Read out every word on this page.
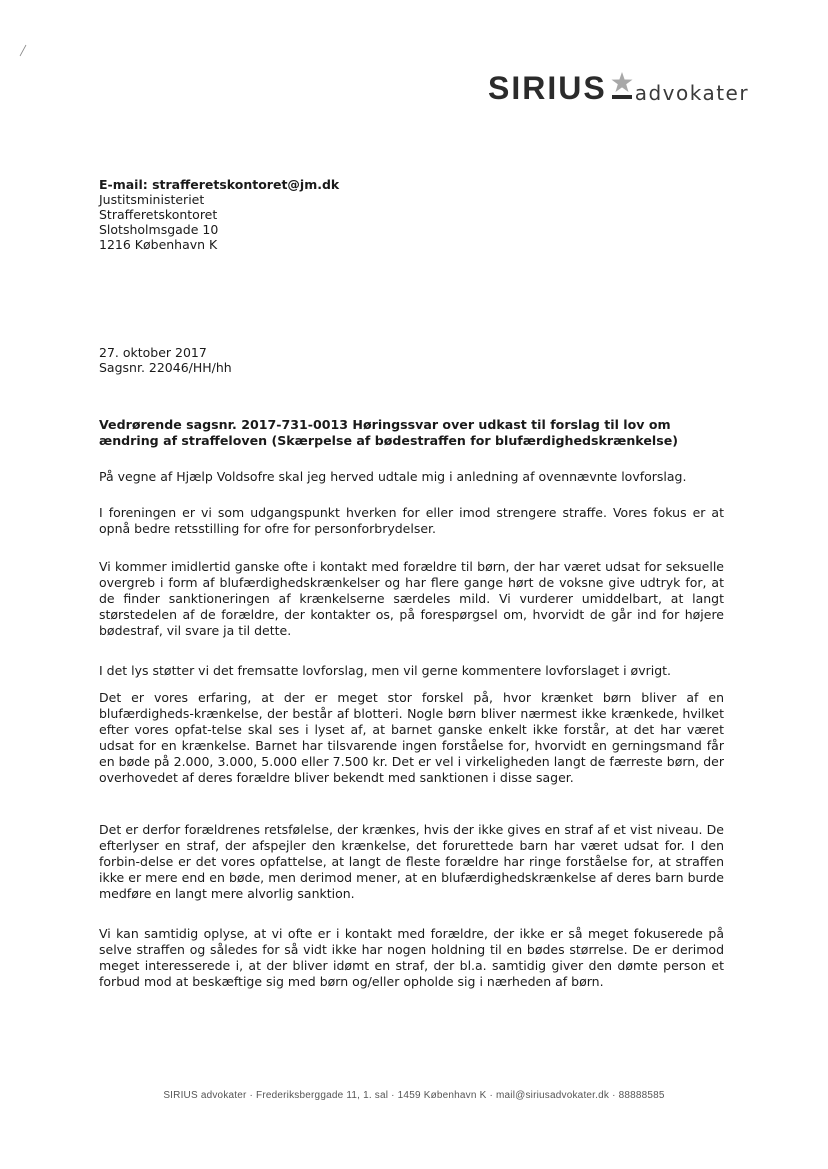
SIRIUS advokater
E-mail: strafferetskontoret@jm.dk
Justitsministeriet
Strafferetskontoret
Slotsholmsgade 10
1216 København K
27. oktober 2017
Sagsnr. 22046/HH/hh
Vedrørende sagsnr. 2017-731-0013 Høringssvar over udkast til forslag til lov om ændring af straffeloven (Skærpelse af bødestraffen for blufærdighedskrænkelse)

På vegne af Hjælp Voldsofre skal jeg herved udtale mig i anledning af ovennævnte lovforslag.

I foreningen er vi som udgangspunkt hverken for eller imod strengere straffe. Vores fokus er at opnå bedre retsstilling for ofre for personforbrydelser.

Vi kommer imidlertid ganske ofte i kontakt med forældre til børn, der har været udsat for seksuelle overgreb i form af blufærdighedskrænkelser og har flere gange hørt de voksne give udtryk for, at de finder sanktioneringen af krænkelserne særdeles mild. Vi vurderer umiddelbart, at langt størstedelen af de forældre, der kontakter os, på forespørgsel om, hvorvidt de går ind for højere bødestraf, vil svare ja til dette.

I det lys støtter vi det fremsatte lovforslag, men vil gerne kommentere lovforslaget i øvrigt.

Det er vores erfaring, at der er meget stor forskel på, hvor krænket børn bliver af en blufærdigheds-krænkelse, der består af blotteri. Nogle børn bliver nærmest ikke krænkede, hvilket efter vores opfat-telse skal ses i lyset af, at barnet ganske enkelt ikke forstår, at det har været udsat for en krænkelse. Barnet har tilsvarende ingen forståelse for, hvorvidt en gerningsmand får en bøde på 2.000, 3.000, 5.000 eller 7.500 kr. Det er vel i virkeligheden langt de færreste børn, der overhovedet af deres forældre bliver bekendt med sanktionen i disse sager.

Det er derfor forældrenes retsfølelse, der krænkes, hvis der ikke gives en straf af et vist niveau. De efterlyser en straf, der afspejler den krænkelse, det forurettede barn har været udsat for. I den forbin-delse er det vores opfattelse, at langt de fleste forældre har ringe forståelse for, at straffen ikke er mere end en bøde, men derimod mener, at en blufærdighedskrænkelse af deres barn burde medføre en langt mere alvorlig sanktion.

Vi kan samtidig oplyse, at vi ofte er i kontakt med forældre, der ikke er så meget fokuserede på selve straffen og således for så vidt ikke har nogen holdning til en bødes størrelse. De er derimod meget interesserede i, at der bliver idømt en straf, der bl.a. samtidig giver den dømte person et forbud mod at beskæftige sig med børn og/eller opholde sig i nærheden af børn.

SIRIUS advokater · Frederiksberggade 11, 1. sal · 1459 København K · mail@siriusadvokater.dk · 88888585
